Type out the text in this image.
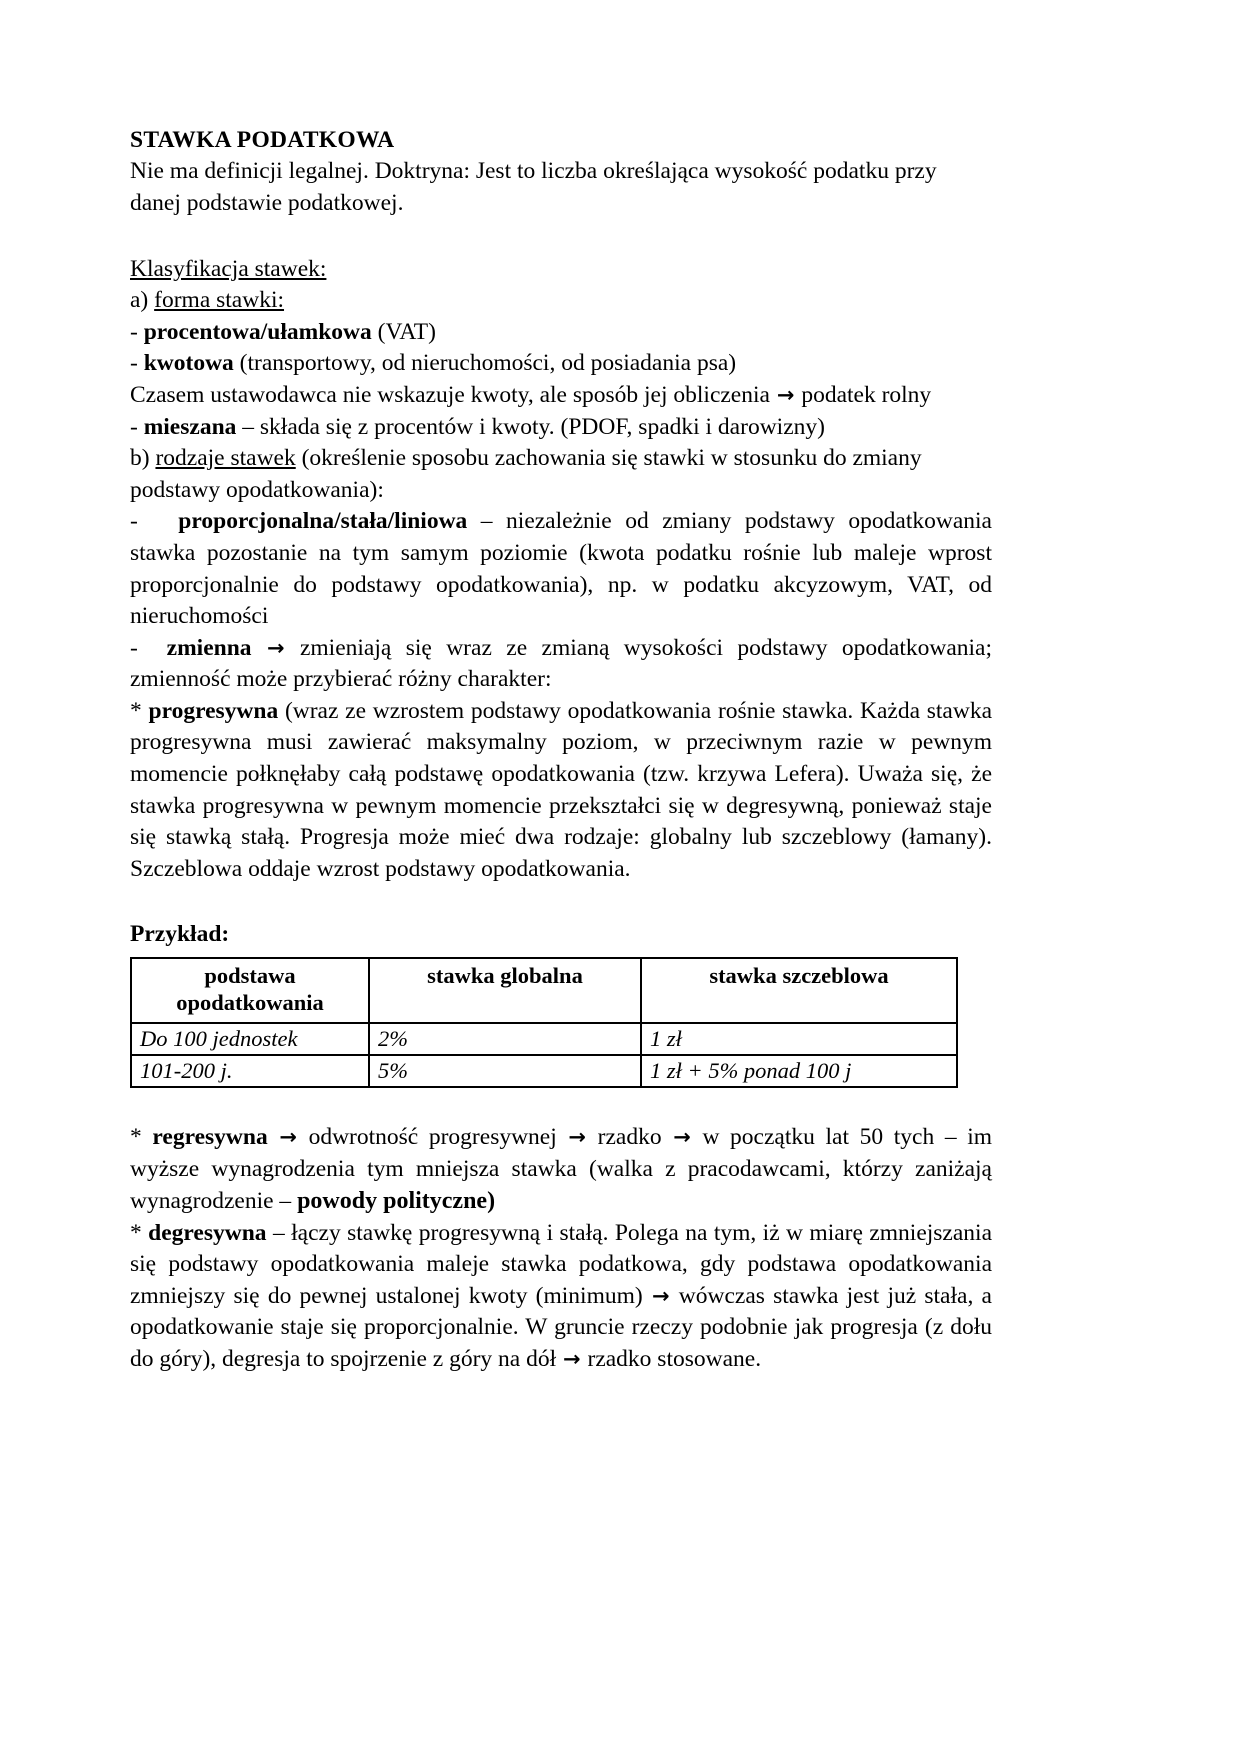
STAWKA PODATKOWA

Nie ma definicji legalnej. Doktryna: Jest to liczba określająca wysokość podatku przy danej podstawie podatkowej.

Klasyfikacja stawek:

a) forma stawki:

- procentowa/ułamkowa (VAT)

- kwotowa (transportowy, od nieruchomości, od posiadania psa)

Czasem ustawodawca nie wskazuje kwoty, ale sposób jej obliczenia → podatek rolny

- mieszana – składa się z procentów i kwoty. (PDOF, spadki i darowizny)

b) rodzaje stawek (określenie sposobu zachowania się stawki w stosunku do zmiany podstawy opodatkowania):

- proporcjonalna/stała/liniowa – niezależnie od zmiany podstawy opodatkowania stawka pozostanie na tym samym poziomie (kwota podatku rośnie lub maleje wprost proporcjonalnie do podstawy opodatkowania), np. w podatku akcyzowym, VAT, od nieruchomości

- zmienna → zmieniają się wraz ze zmianą wysokości podstawy opodatkowania; zmienność może przybierać różny charakter:

* progresywna (wraz ze wzrostem podstawy opodatkowania rośnie stawka. Każda stawka progresywna musi zawierać maksymalny poziom, w przeciwnym razie w pewnym momencie połknęłaby całą podstawę opodatkowania (tzw. krzywa Lefera). Uważa się, że stawka progresywna w pewnym momencie przekształci się w degresywną, ponieważ staje się stawką stałą. Progresja może mieć dwa rodzaje: globalny lub szczeblowy (łamany). Szczeblowa oddaje wzrost podstawy opodatkowania.

Przykład:

podstawa opodatkowania	stawka globalna	stawka szczeblowa
Do 100 jednostek	2%	1 zł
101-200 j.	5%	1 zł + 5% ponad 100 j

* regresywna → odwrotność progresywnej → rzadko → w początku lat 50 tych – im wyższe wynagrodzenia tym mniejsza stawka (walka z pracodawcami, którzy zaniżają wynagrodzenie – powody polityczne)

* degresywna – łączy stawkę progresywną i stałą. Polega na tym, iż w miarę zmniejszania się podstawy opodatkowania maleje stawka podatkowa, gdy podstawa opodatkowania zmniejszy się do pewnej ustalonej kwoty (minimum) → wówczas stawka jest już stała, a opodatkowanie staje się proporcjonalnie. W gruncie rzeczy podobnie jak progresja (z dołu do góry), degresja to spojrzenie z góry na dół → rzadko stosowane.
